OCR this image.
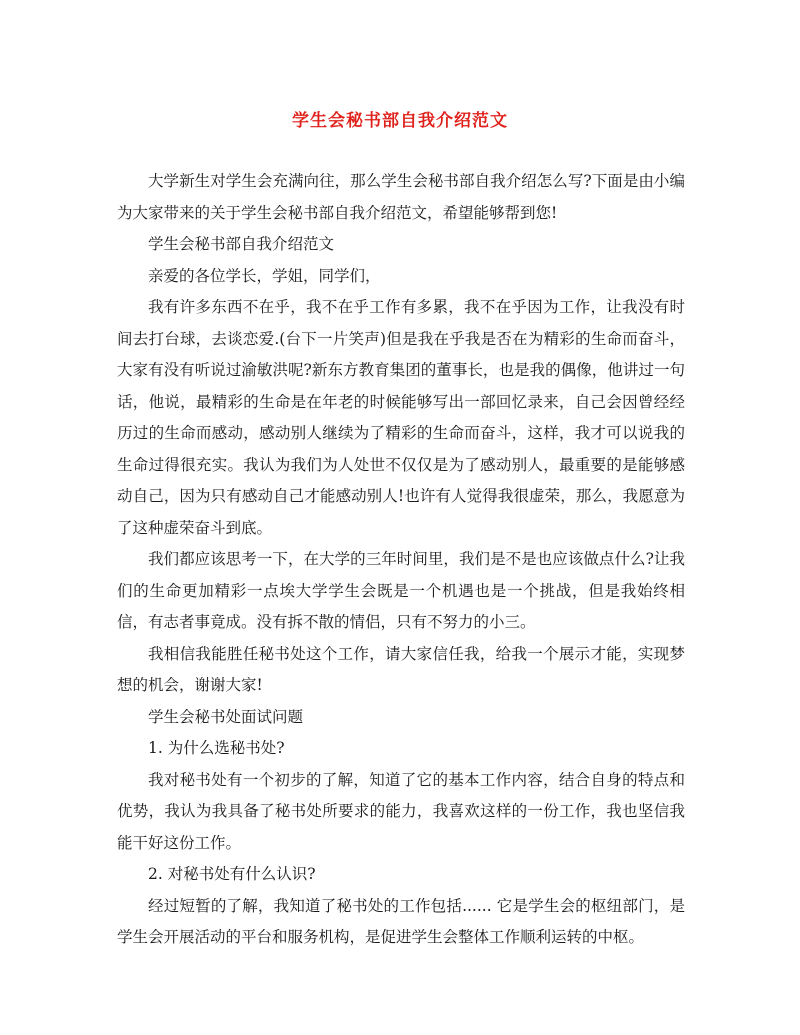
学生会秘书部自我介绍范文

大学新生对学生会充满向往，那么学生会秘书部自我介绍怎么写?下面是由小编为大家带来的关于学生会秘书部自我介绍范文，希望能够帮到您!

学生会秘书部自我介绍范文

亲爱的各位学长，学姐，同学们，

我有许多东西不在乎，我不在乎工作有多累，我不在乎因为工作，让我没有时间去打台球，去谈恋爱.(台下一片笑声)但是我在乎我是否在为精彩的生命而奋斗，大家有没有听说过渝敏洪呢?新东方教育集团的董事长，也是我的偶像，他讲过一句话，他说，最精彩的生命是在年老的时候能够写出一部回忆录来，自己会因曾经经历过的生命而感动，感动别人继续为了精彩的生命而奋斗，这样，我才可以说我的生命过得很充实。我认为我们为人处世不仅仅是为了感动别人，最重要的是能够感动自己，因为只有感动自己才能感动别人!也许有人觉得我很虚荣，那么，我愿意为了这种虚荣奋斗到底。

我们都应该思考一下，在大学的三年时间里，我们是不是也应该做点什么?让我们的生命更加精彩一点埃大学学生会既是一个机遇也是一个挑战，但是我始终相信，有志者事竟成。没有拆不散的情侣，只有不努力的小三。

我相信我能胜任秘书处这个工作，请大家信任我，给我一个展示才能，实现梦想的机会，谢谢大家!

学生会秘书处面试问题

1. 为什么选秘书处?

我对秘书处有一个初步的了解，知道了它的基本工作内容，结合自身的特点和优势，我认为我具备了秘书处所要求的能力，我喜欢这样的一份工作，我也坚信我能干好这份工作。

2. 对秘书处有什么认识?

经过短暂的了解，我知道了秘书处的工作包括...... 它是学生会的枢纽部门，是学生会开展活动的平台和服务机构，是促进学生会整体工作顺利运转的中枢。
